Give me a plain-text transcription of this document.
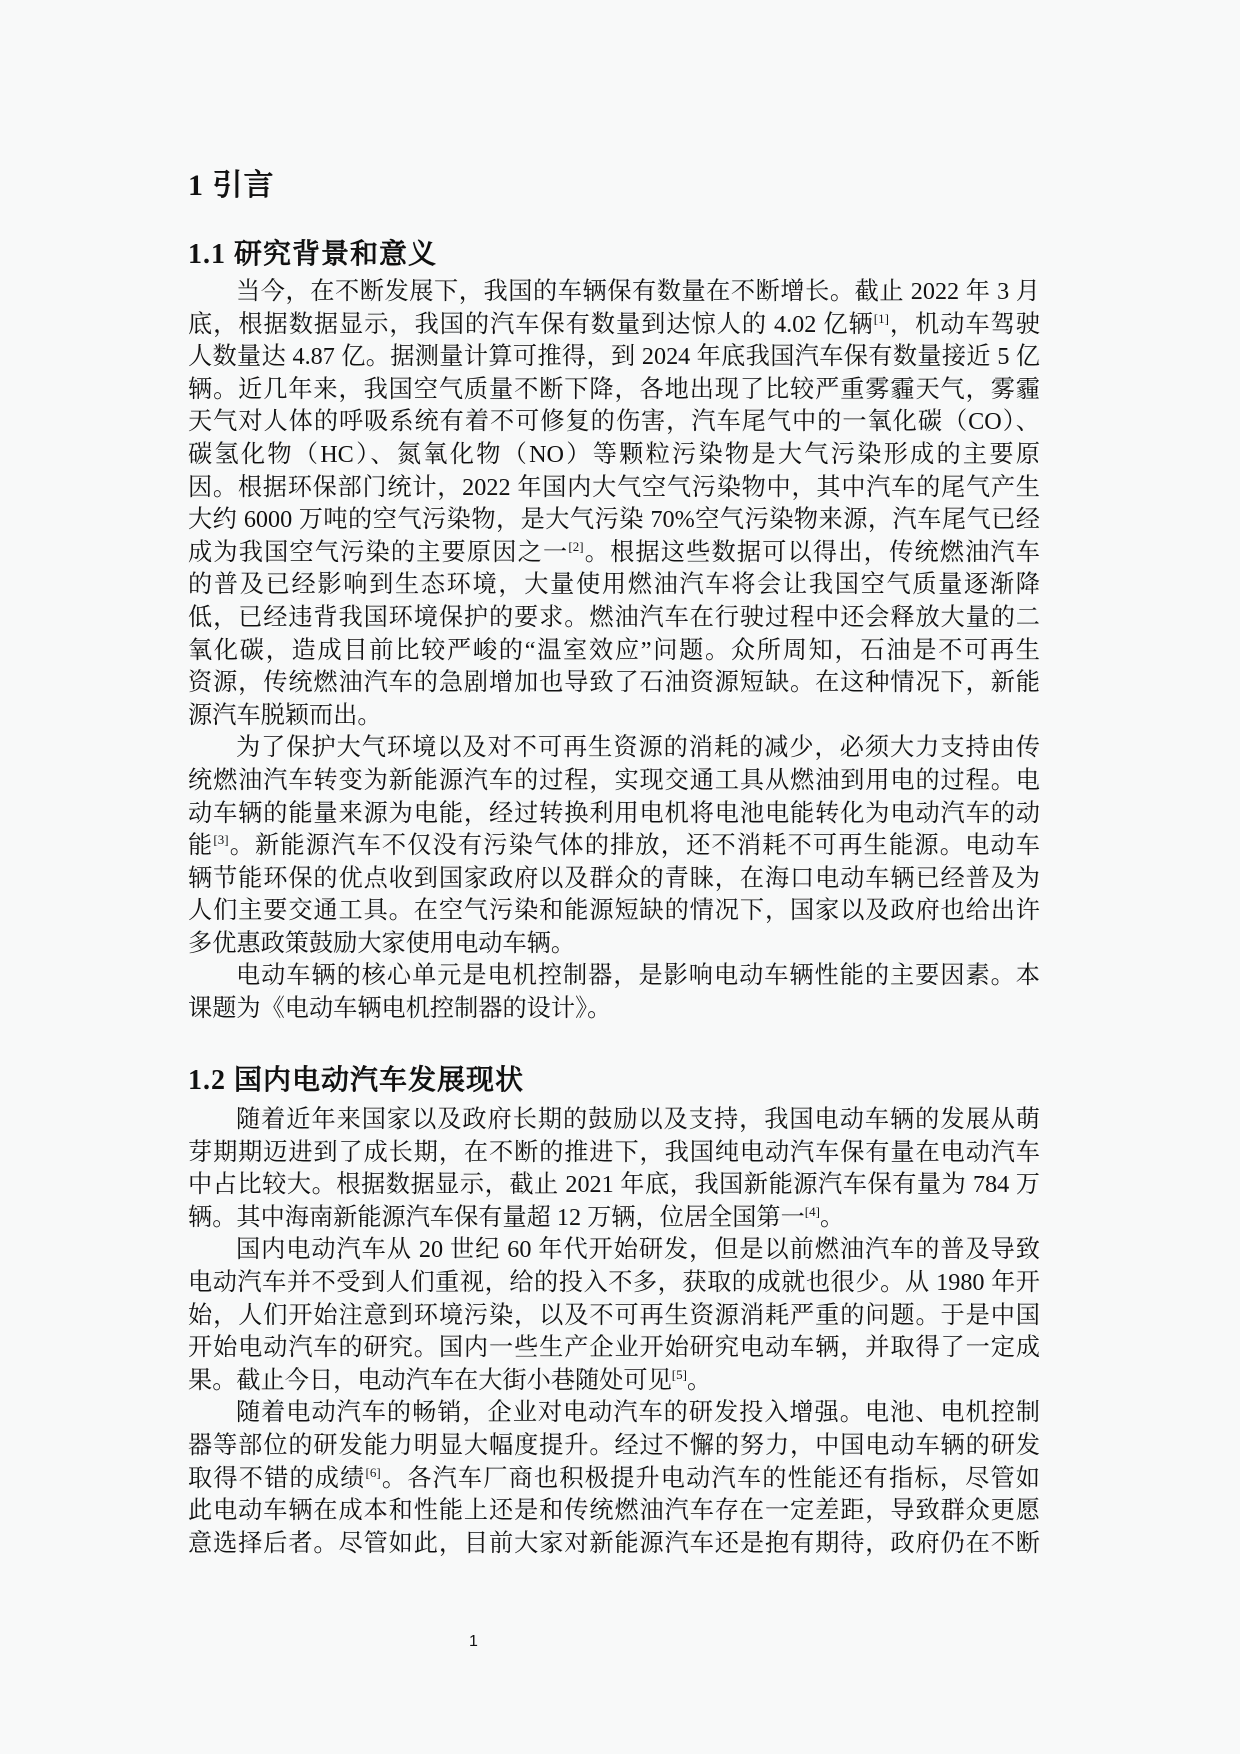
1 引言
1.1 研究背景和意义
当今，在不断发展下，我国的车辆保有数量在不断增长。截止 2022 年 3 月
底，根据数据显示，我国的汽车保有数量到达惊人的 4.02 亿辆[1]，机动车驾驶
人数量达 4.87 亿。据测量计算可推得，到 2024 年底我国汽车保有数量接近 5 亿
辆。近几年来，我国空气质量不断下降，各地出现了比较严重雾霾天气，雾霾
天气对人体的呼吸系统有着不可修复的伤害，汽车尾气中的一氧化碳（CO）、
碳氢化物（HC）、氮氧化物（NO）等颗粒污染物是大气污染形成的主要原
因。根据环保部门统计，2022 年国内大气空气污染物中，其中汽车的尾气产生
大约 6000 万吨的空气污染物，是大气污染 70%空气污染物来源，汽车尾气已经
成为我国空气污染的主要原因之一[2]。根据这些数据可以得出，传统燃油汽车
的普及已经影响到生态环境，大量使用燃油汽车将会让我国空气质量逐渐降
低，已经违背我国环境保护的要求。燃油汽车在行驶过程中还会释放大量的二
氧化碳，造成目前比较严峻的“温室效应”问题。众所周知，石油是不可再生
资源，传统燃油汽车的急剧增加也导致了石油资源短缺。在这种情况下，新能
源汽车脱颖而出。
为了保护大气环境以及对不可再生资源的消耗的减少，必须大力支持由传
统燃油汽车转变为新能源汽车的过程，实现交通工具从燃油到用电的过程。电
动车辆的能量来源为电能，经过转换利用电机将电池电能转化为电动汽车的动
能[3]。新能源汽车不仅没有污染气体的排放，还不消耗不可再生能源。电动车
辆节能环保的优点收到国家政府以及群众的青睐，在海口电动车辆已经普及为
人们主要交通工具。在空气污染和能源短缺的情况下，国家以及政府也给出许
多优惠政策鼓励大家使用电动车辆。
电动车辆的核心单元是电机控制器，是影响电动车辆性能的主要因素。本
课题为《电动车辆电机控制器的设计》。
1.2 国内电动汽车发展现状
随着近年来国家以及政府长期的鼓励以及支持，我国电动车辆的发展从萌
芽期期迈进到了成长期，在不断的推进下，我国纯电动汽车保有量在电动汽车
中占比较大。根据数据显示，截止 2021 年底，我国新能源汽车保有量为 784 万
辆。其中海南新能源汽车保有量超 12 万辆，位居全国第一[4]。
国内电动汽车从 20 世纪 60 年代开始研发，但是以前燃油汽车的普及导致
电动汽车并不受到人们重视，给的投入不多，获取的成就也很少。从 1980 年开
始，人们开始注意到环境污染，以及不可再生资源消耗严重的问题。于是中国
开始电动汽车的研究。国内一些生产企业开始研究电动车辆，并取得了一定成
果。截止今日，电动汽车在大街小巷随处可见[5]。
随着电动汽车的畅销，企业对电动汽车的研发投入增强。电池、电机控制
器等部位的研发能力明显大幅度提升。经过不懈的努力，中国电动车辆的研发
取得不错的成绩[6]。各汽车厂商也积极提升电动汽车的性能还有指标，尽管如
此电动车辆在成本和性能上还是和传统燃油汽车存在一定差距，导致群众更愿
意选择后者。尽管如此，目前大家对新能源汽车还是抱有期待，政府仍在不断
1
